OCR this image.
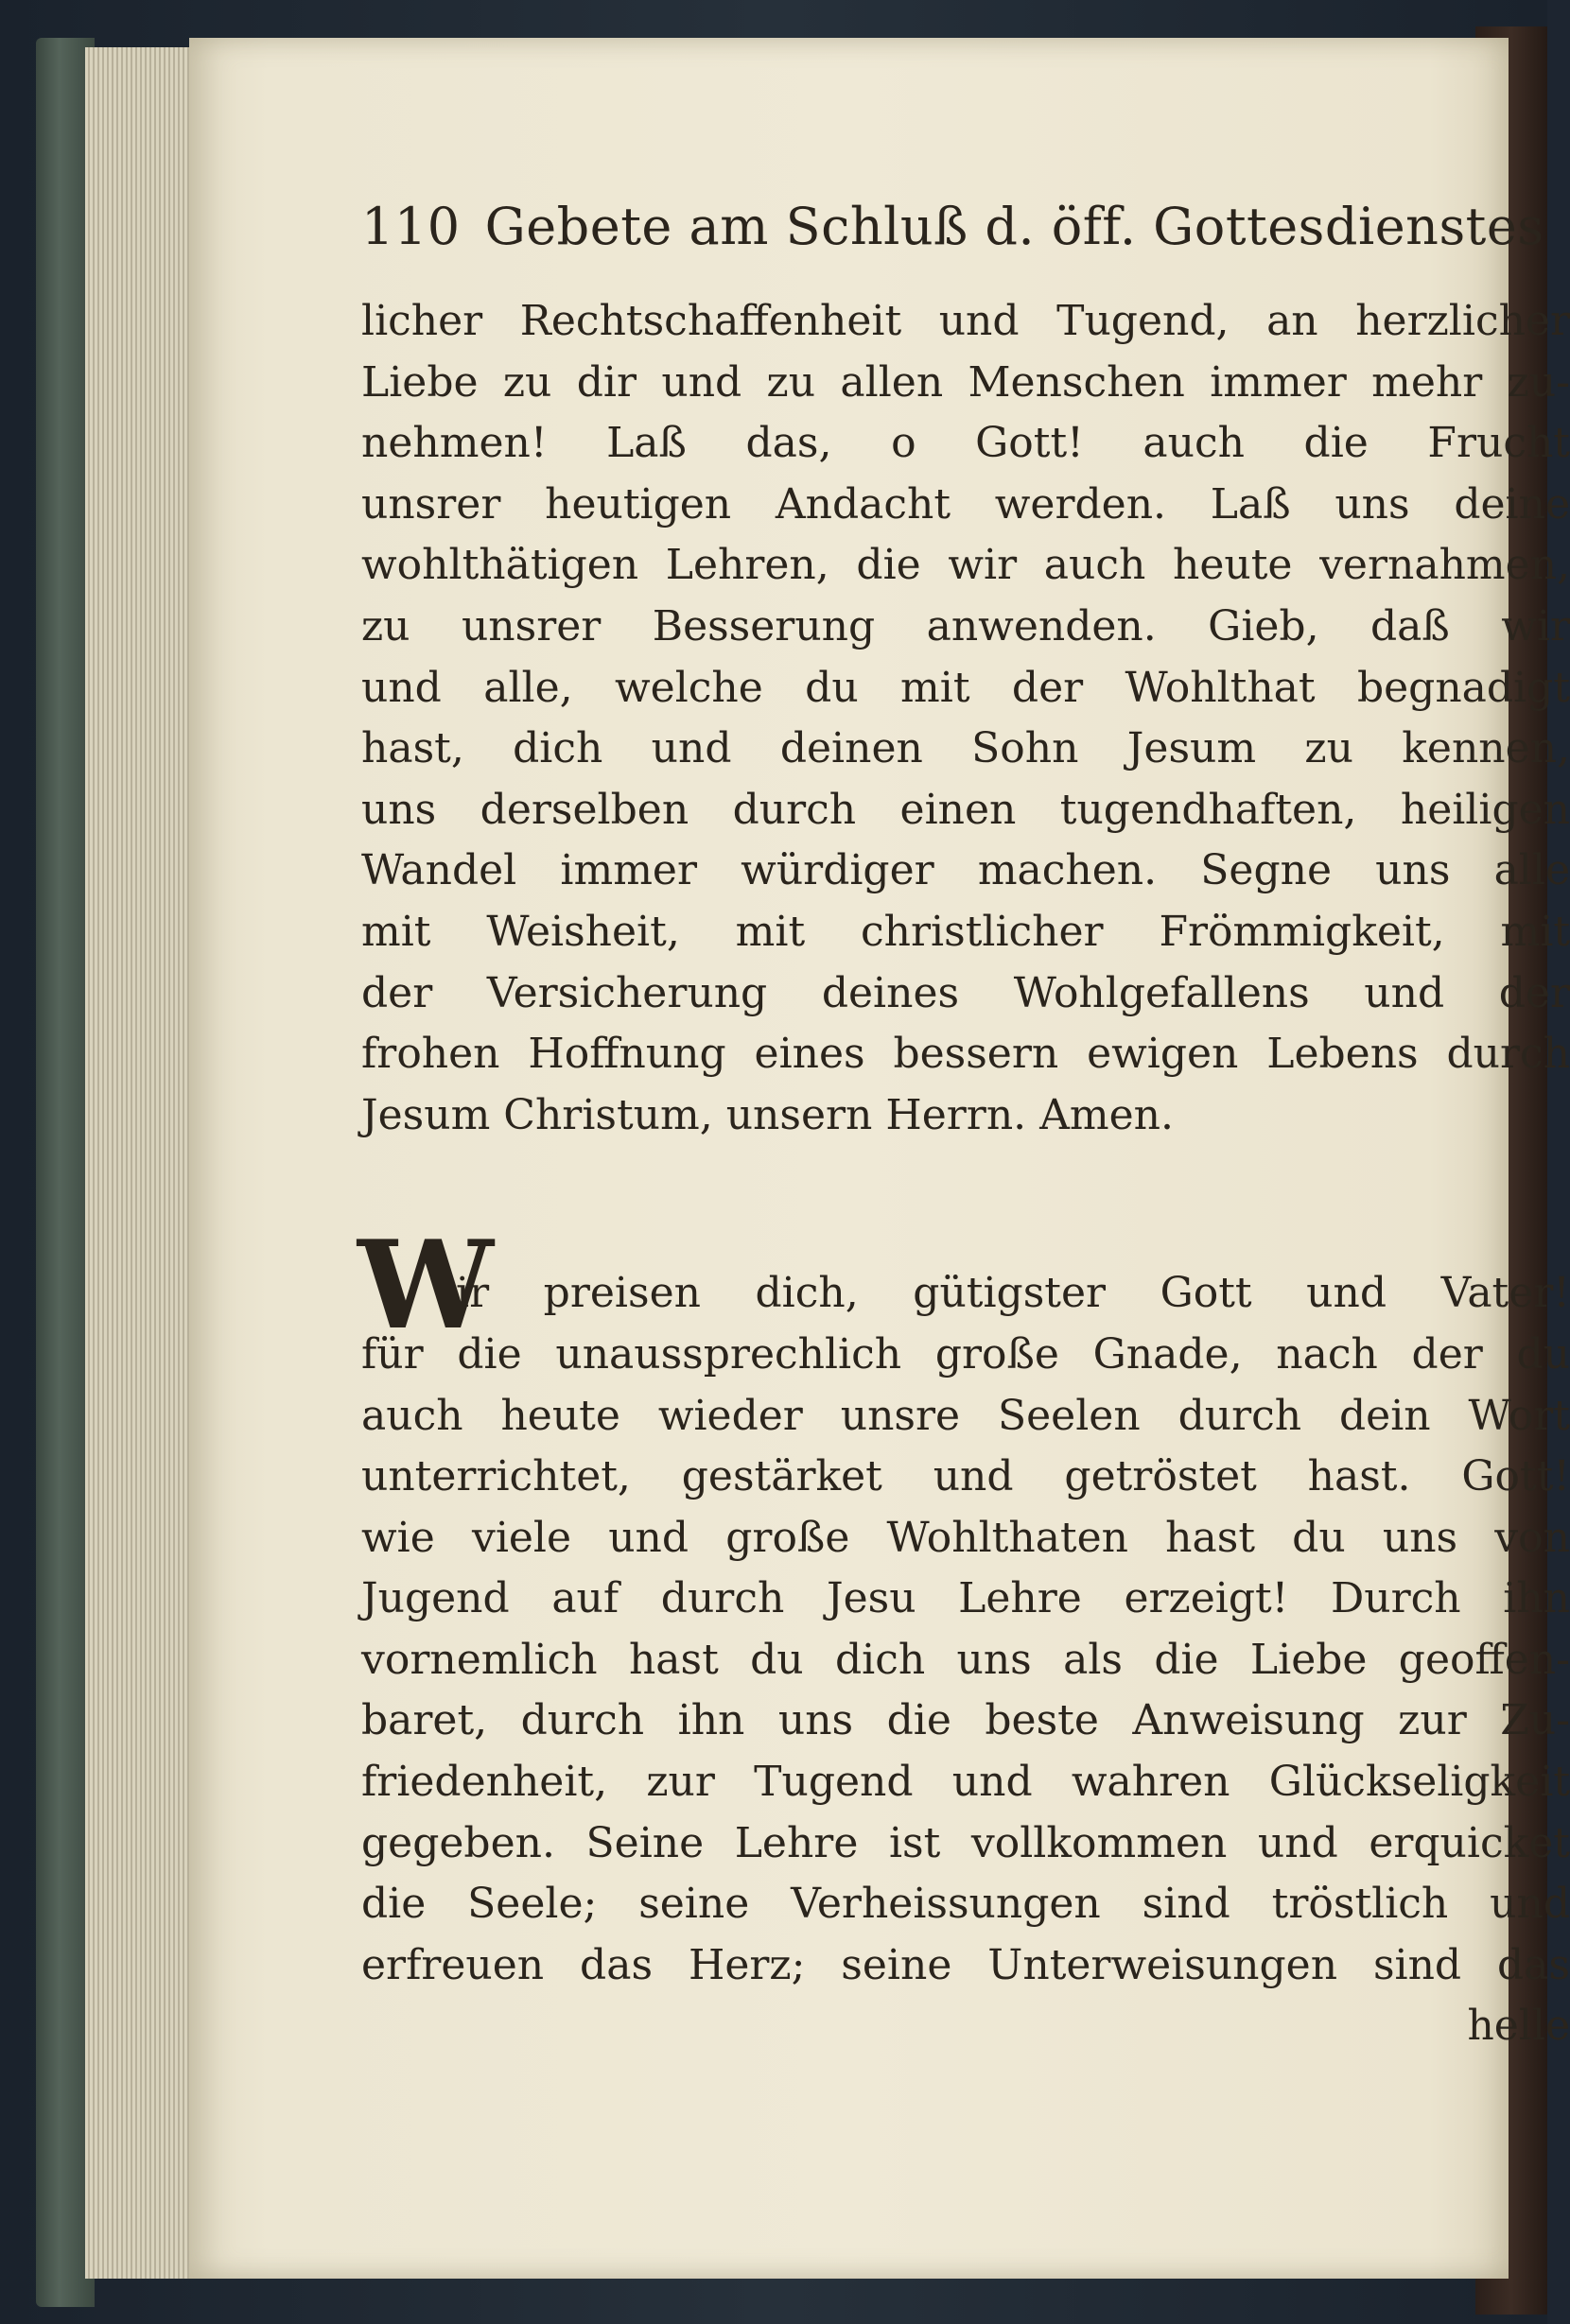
110 Gebete am Schluß d. öff. Gottesdienstes
licher Rechtschaffenheit und Tugend, an herzlicher
Liebe zu dir und zu allen Menschen immer mehr zu-
nehmen! Laß das, o Gott! auch die Frucht
unsrer heutigen Andacht werden. Laß uns deine
wohlthätigen Lehren, die wir auch heute vernahmen,
zu unsrer Besserung anwenden. Gieb, daß wir
und alle, welche du mit der Wohlthat begnadigt
hast, dich und deinen Sohn Jesum zu kennen,
uns derselben durch einen tugendhaften, heiligen
Wandel immer würdiger machen. Segne uns alle
mit Weisheit, mit christlicher Frömmigkeit, mit
der Versicherung deines Wohlgefallens und der
frohen Hoffnung eines bessern ewigen Lebens durch
Jesum Christum, unsern Herrn. Amen.
W
ir preisen dich, gütigster Gott und Vater!
für die unaussprechlich große Gnade, nach der du
auch heute wieder unsre Seelen durch dein Wort
unterrichtet, gestärket und getröstet hast. Gott!
wie viele und große Wohlthaten hast du uns von
Jugend auf durch Jesu Lehre erzeigt! Durch ihn
vornemlich hast du dich uns als die Liebe geoffen-
baret, durch ihn uns die beste Anweisung zur Zu-
friedenheit, zur Tugend und wahren Glückseligkeit
gegeben. Seine Lehre ist vollkommen und erquicket
die Seele; seine Verheissungen sind tröstlich und
erfreuen das Herz; seine Unterweisungen sind das
helle
